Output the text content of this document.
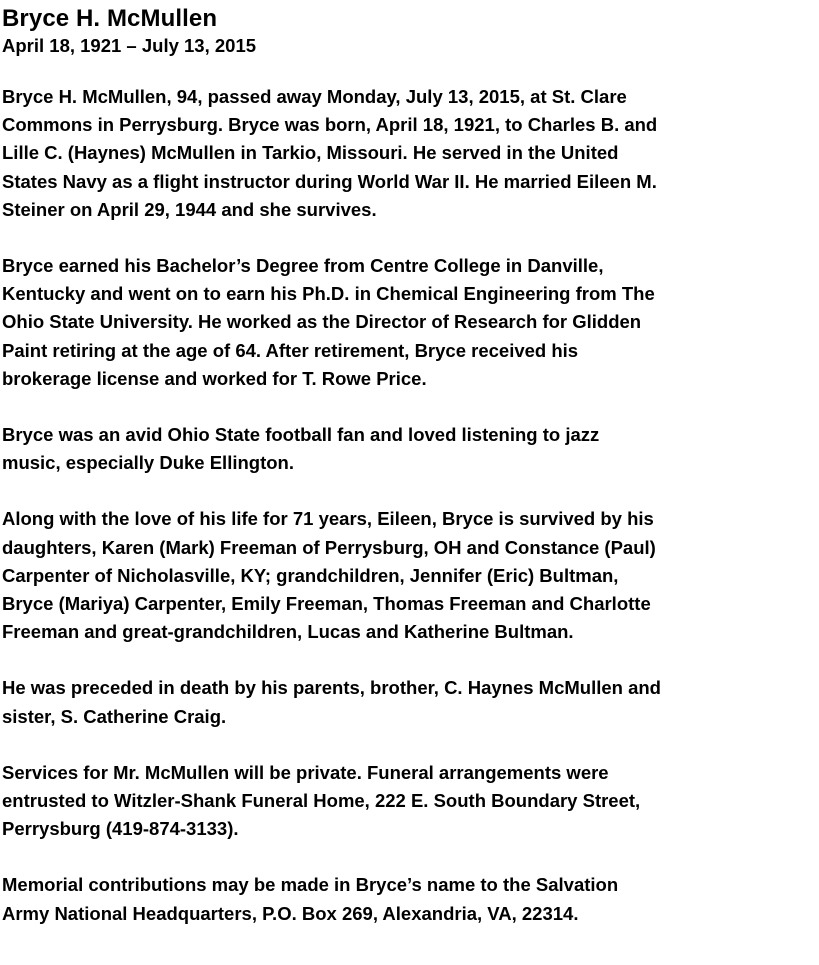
Bryce H. McMullen
April 18, 1921 – July 13, 2015

Bryce H. McMullen, 94, passed away Monday, July 13, 2015, at St. Clare
Commons in Perrysburg. Bryce was born, April 18, 1921, to Charles B. and
Lille C. (Haynes) McMullen in Tarkio, Missouri. He served in the United
States Navy as a flight instructor during World War II. He married Eileen M.
Steiner on April 29, 1944 and she survives.

Bryce earned his Bachelor’s Degree from Centre College in Danville,
Kentucky and went on to earn his Ph.D. in Chemical Engineering from The
Ohio State University. He worked as the Director of Research for Glidden
Paint retiring at the age of 64. After retirement, Bryce received his
brokerage license and worked for T. Rowe Price.

Bryce was an avid Ohio State football fan and loved listening to jazz
music, especially Duke Ellington.

Along with the love of his life for 71 years, Eileen, Bryce is survived by his
daughters, Karen (Mark) Freeman of Perrysburg, OH and Constance (Paul)
Carpenter of Nicholasville, KY; grandchildren, Jennifer (Eric) Bultman,
Bryce (Mariya) Carpenter, Emily Freeman, Thomas Freeman and Charlotte
Freeman and great-grandchildren, Lucas and Katherine Bultman.

He was preceded in death by his parents, brother, C. Haynes McMullen and
sister, S. Catherine Craig.

Services for Mr. McMullen will be private. Funeral arrangements were
entrusted to Witzler-Shank Funeral Home, 222 E. South Boundary Street,
Perrysburg (419-874-3133).

Memorial contributions may be made in Bryce’s name to the Salvation
Army National Headquarters, P.O. Box 269, Alexandria, VA, 22314.
